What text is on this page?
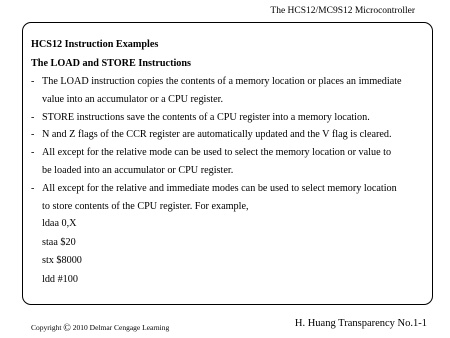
The HCS12/MC9S12 Microcontroller
HCS12 Instruction Examples
The LOAD and STORE Instructions
- The LOAD instruction copies the contents of a memory location or places an immediate
value into an accumulator or a CPU register.
- STORE instructions save the contents of a CPU register into a memory location.
- N and Z flags of the CCR register are automatically updated and the V flag is cleared.
- All except for the relative mode can be used to select the memory location or value to
be loaded into an accumulator or CPU register.
- All except for the relative and immediate modes can be used to select memory location
to store contents of the CPU register. For example,
ldaa 0,X
staa $20
stx $8000
ldd #100
Copyright © 2010 Delmar Cengage Learning	H. Huang Transparency No.1-1
